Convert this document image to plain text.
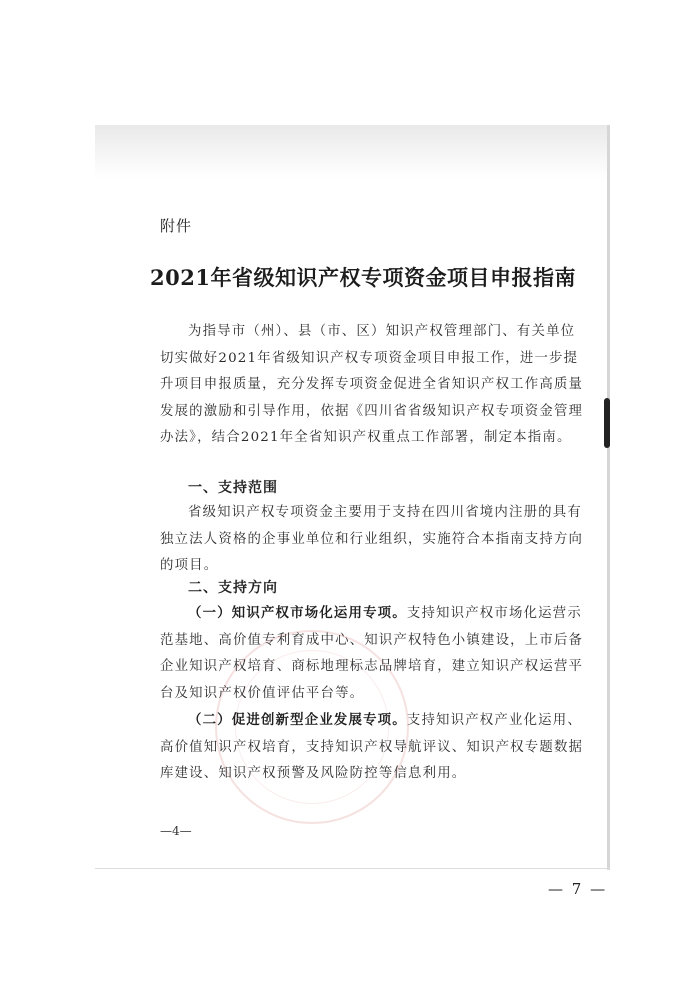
附件
2021年省级知识产权专项资金项目申报指南
为指导市（州）、县（市、区）知识产权管理部门、有关单位切实做好2021年省级知识产权专项资金项目申报工作，进一步提升项目申报质量，充分发挥专项资金促进全省知识产权工作高质量发展的激励和引导作用，依据《四川省省级知识产权专项资金管理办法》，结合2021年全省知识产权重点工作部署，制定本指南。
一、支持范围
省级知识产权专项资金主要用于支持在四川省境内注册的具有独立法人资格的企事业单位和行业组织，实施符合本指南支持方向的项目。
二、支持方向
（一）知识产权市场化运用专项。支持知识产权市场化运营示范基地、高价值专利育成中心、知识产权特色小镇建设，上市后备企业知识产权培育、商标地理标志品牌培育，建立知识产权运营平台及知识产权价值评估平台等。
（二）促进创新型企业发展专项。支持知识产权产业化运用、高价值知识产权培育，支持知识产权导航评议、知识产权专题数据库建设、知识产权预警及风险防控等信息利用。
—4—
— 7 —
